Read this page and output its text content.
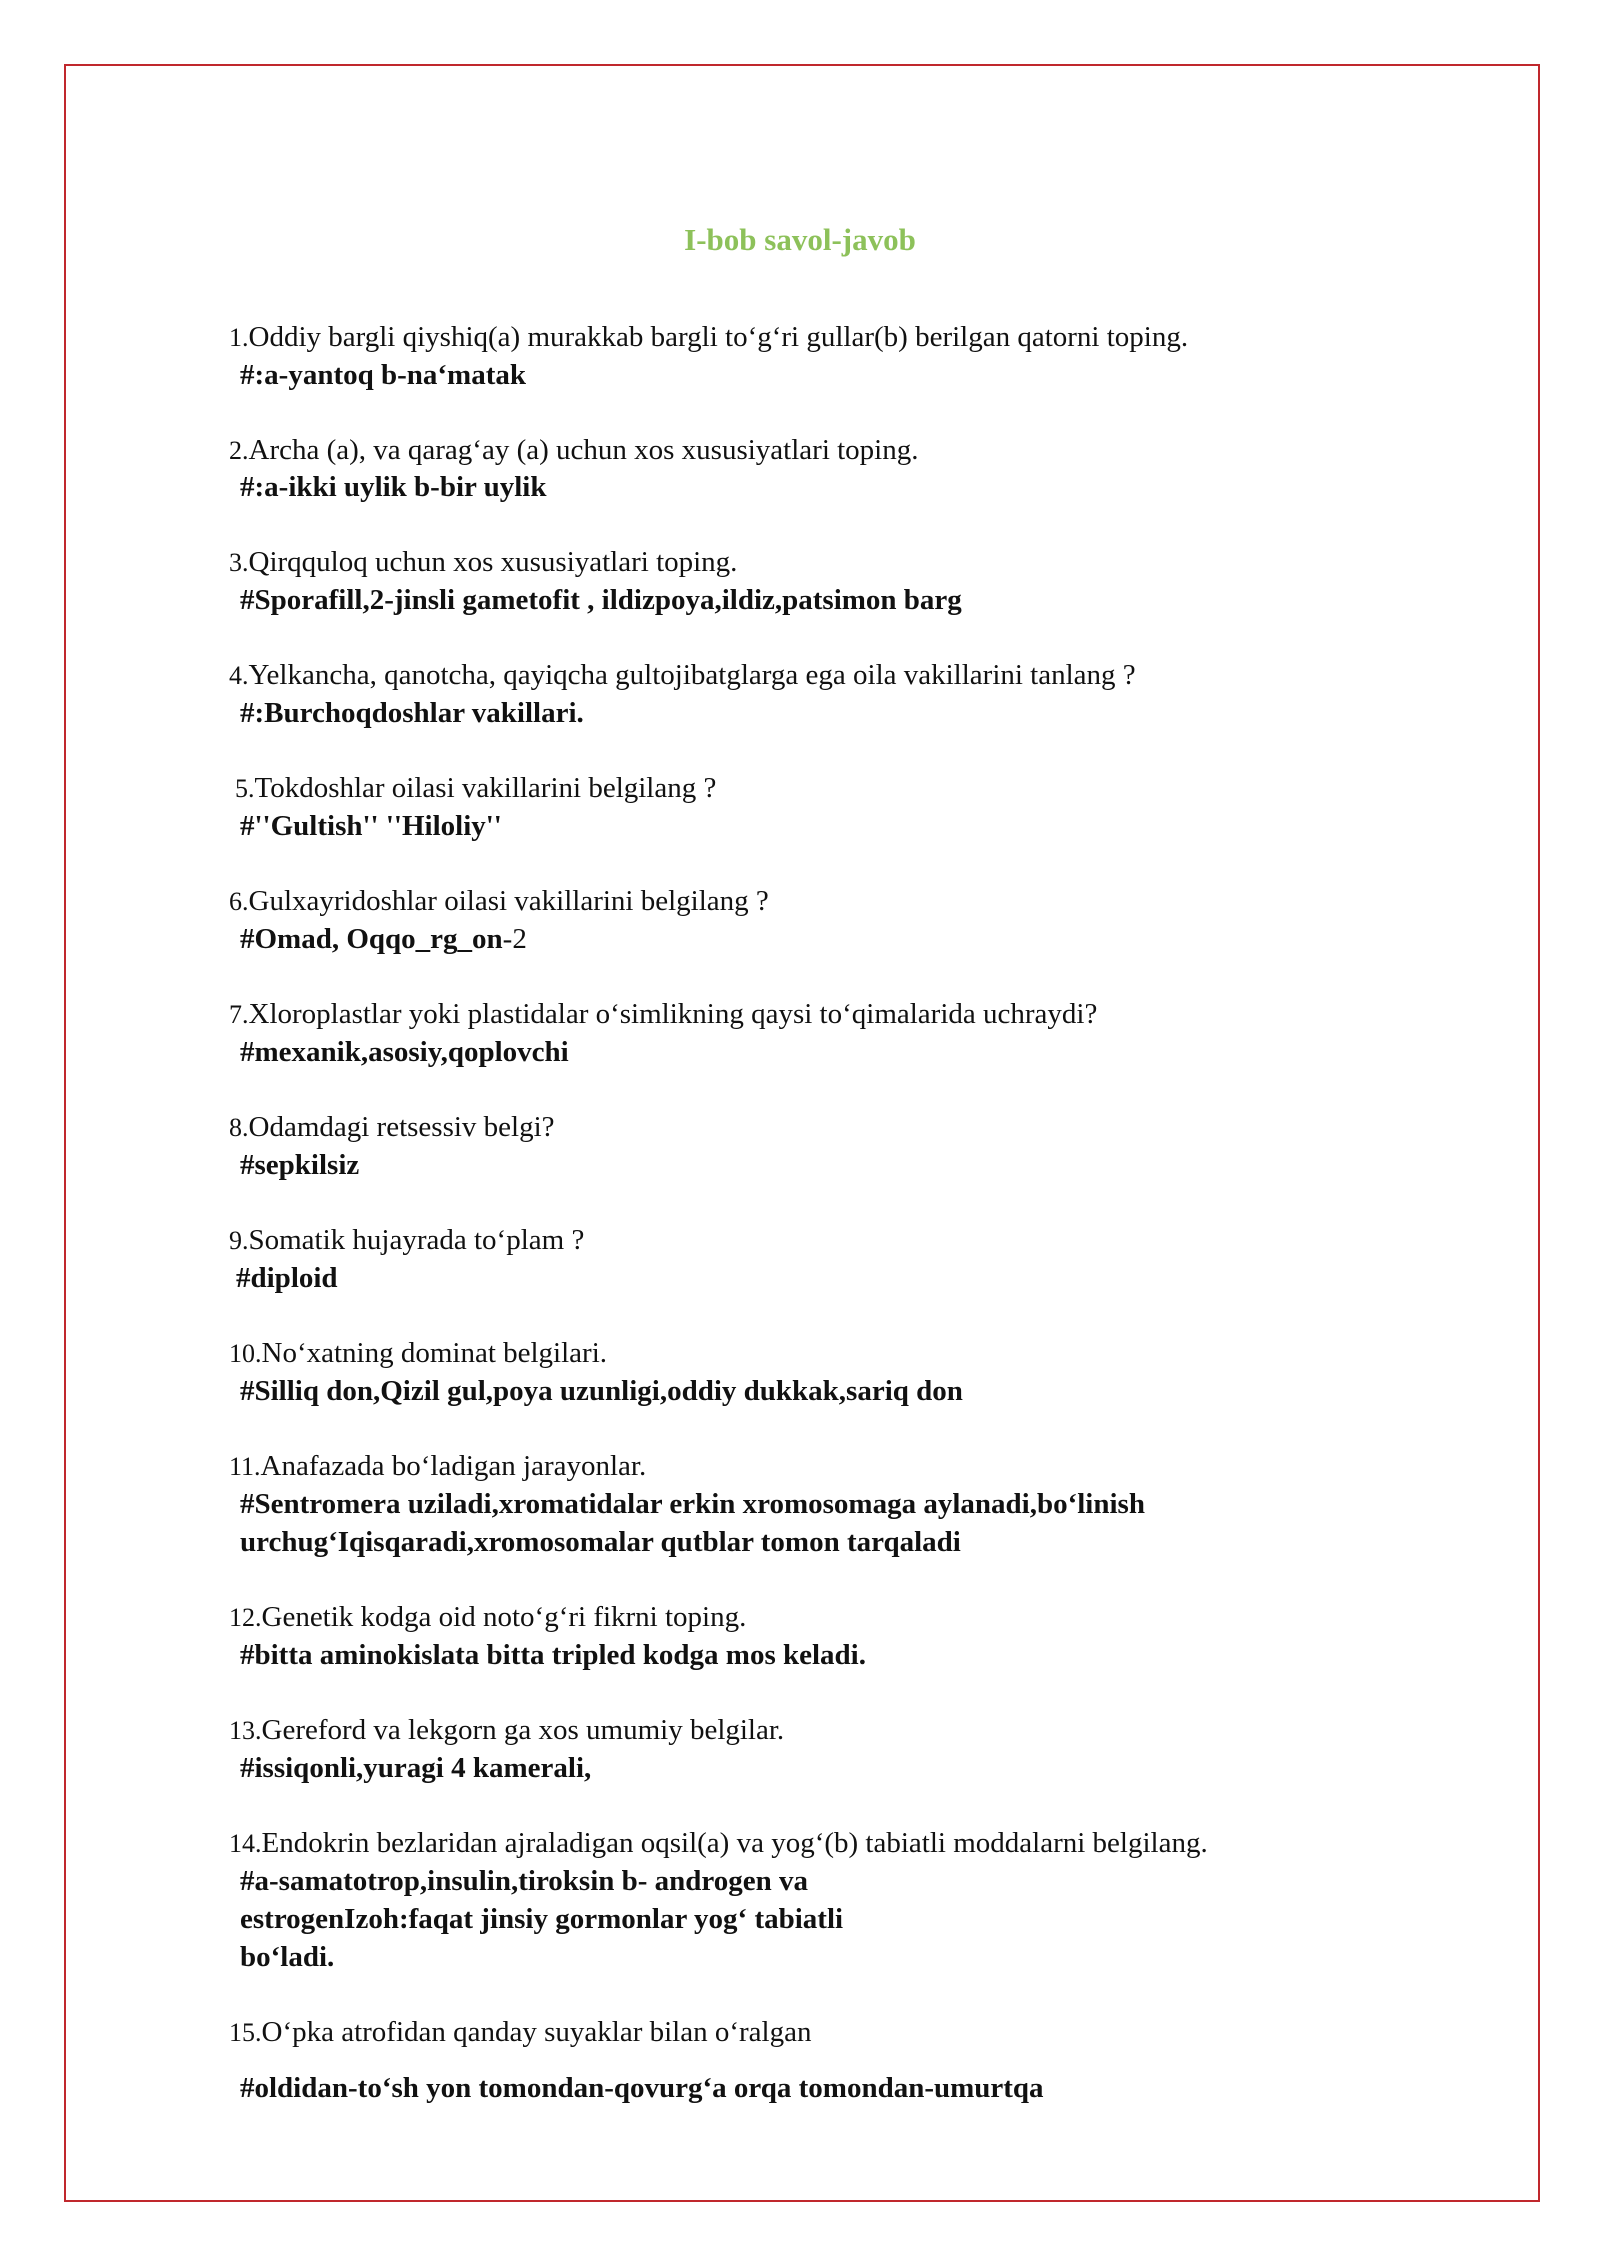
I-bob savol-javob
1.Oddiy bargli qiyshiq(a) murakkab bargli to‘g‘ri gullar(b) berilgan qatorni toping.
#:a-yantoq b-na‘matak
2.Archa (a), va qarag‘ay (a) uchun xos xususiyatlari toping.
#:a-ikki uylik b-bir uylik
3.Qirqquloq uchun xos xususiyatlari toping.
#Sporafill,2-jinsli gametofit , ildizpoya,ildiz,patsimon barg
4.Yelkancha, qanotcha, qayiqcha gultojibatglarga ega oila vakillarini tanlang ?
#:Burchoqdoshlar vakillari.
5.Tokdoshlar oilasi vakillarini belgilang ?
#''Gultish'' ''Hiloliy''
6.Gulxayridoshlar oilasi vakillarini belgilang ?
#Omad, Oqqo_rg_on-2
7.Xloroplastlar yoki plastidalar o‘simlikning qaysi to‘qimalarida uchraydi?
#mexanik,asosiy,qoplovchi
8.Odamdagi retsessiv belgi?
#sepkilsiz
9.Somatik hujayrada to‘plam ?
#diploid
10.No‘xatning dominat belgilari.
#Silliq don,Qizil gul,poya uzunligi,oddiy dukkak,sariq don
11.Anafazada bo‘ladigan jarayonlar.
#Sentromera uziladi,xromatidalar erkin xromosomaga aylanadi,bo‘linish urchug‘Iqisqaradi,xromosomalar qutblar tomon tarqaladi
12.Genetik kodga oid noto‘g‘ri fikrni toping.
#bitta aminokislata bitta tripled kodga mos keladi.
13.Gereford va lekgorn ga xos umumiy belgilar.
#issiqonli,yuragi 4 kamerali,
14.Endokrin bezlaridan ajraladigan oqsil(a) va yog‘(b) tabiatli moddalarni belgilang.
#a-samatotrop,insulin,tiroksin b- androgen va estrogenIzoh:faqat jinsiy gormonlar yog‘ tabiatli bo‘ladi.
15.O‘pka atrofidan qanday suyaklar bilan o‘ralgan
#oldidan-to‘sh yon tomondan-qovurg‘a orqa tomondan-umurtqa
